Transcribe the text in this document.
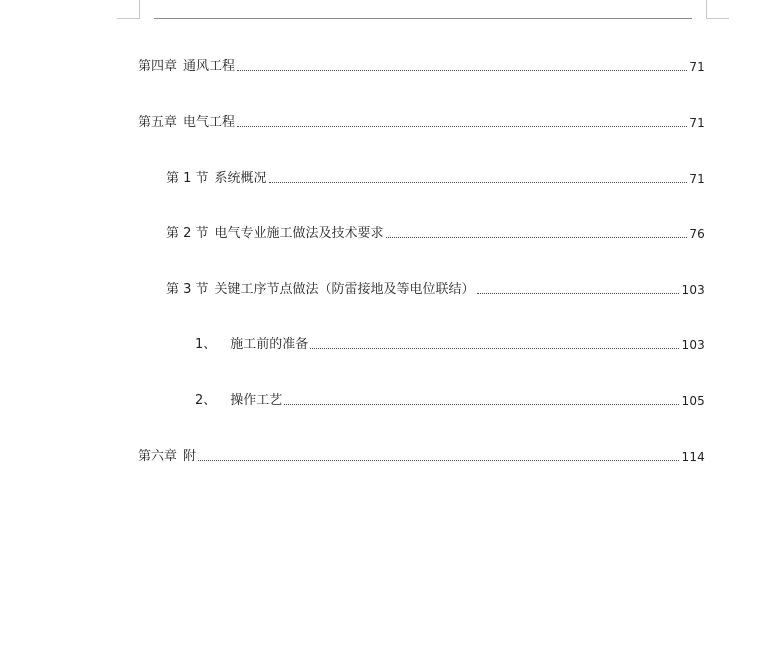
第四章 通风工程	71
第五章 电气工程	71
第 1 节 系统概况	71
第 2 节 电气专业施工做法及技术要求	76
第 3 节 关键工序节点做法（防雷接地及等电位联结）	103
1、 施工前的准备	103
2、 操作工艺	105
第六章 附	114
